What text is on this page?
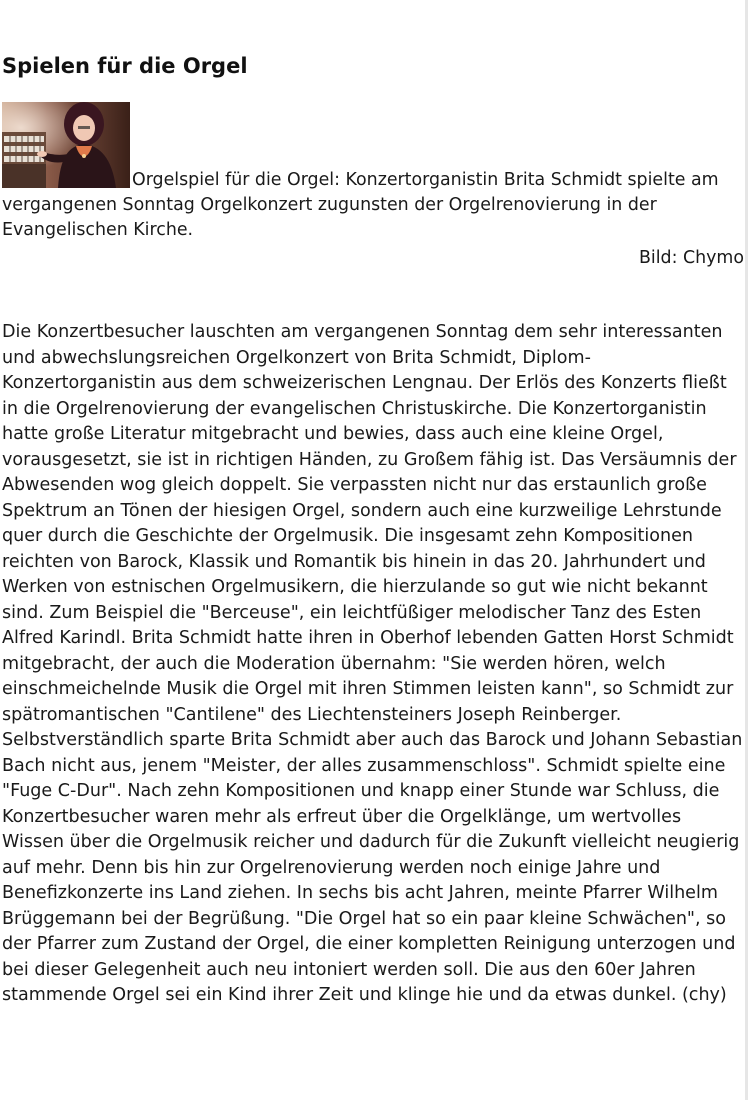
Spielen für die Orgel

Orgelspiel für die Orgel: Konzertorganistin Brita Schmidt spielte am vergangenen Sonntag Orgelkonzert zugunsten der Orgelrenovierung in der Evangelischen Kirche.

Bild: Chymo

Die Konzertbesucher lauschten am vergangenen Sonntag dem sehr interessanten und abwechslungsreichen Orgelkonzert von Brita Schmidt, Diplom-Konzertorganistin aus dem schweizerischen Lengnau. Der Erlös des Konzerts fließt in die Orgelrenovierung der evangelischen Christuskirche. Die Konzertorganistin hatte große Literatur mitgebracht und bewies, dass auch eine kleine Orgel, vorausgesetzt, sie ist in richtigen Händen, zu Großem fähig ist. Das Versäumnis der Abwesenden wog gleich doppelt. Sie verpassten nicht nur das erstaunlich große Spektrum an Tönen der hiesigen Orgel, sondern auch eine kurzweilige Lehrstunde quer durch die Geschichte der Orgelmusik. Die insgesamt zehn Kompositionen reichten von Barock, Klassik und Romantik bis hinein in das 20. Jahrhundert und Werken von estnischen Orgelmusikern, die hierzulande so gut wie nicht bekannt sind. Zum Beispiel die "Berceuse", ein leichtfüßiger melodischer Tanz des Esten Alfred Karindl. Brita Schmidt hatte ihren in Oberhof lebenden Gatten Horst Schmidt mitgebracht, der auch die Moderation übernahm: "Sie werden hören, welch einschmeichelnde Musik die Orgel mit ihren Stimmen leisten kann", so Schmidt zur spätromantischen "Cantilene" des Liechtensteiners Joseph Reinberger. Selbstverständlich sparte Brita Schmidt aber auch das Barock und Johann Sebastian Bach nicht aus, jenem "Meister, der alles zusammenschloss". Schmidt spielte eine "Fuge C-Dur". Nach zehn Kompositionen und knapp einer Stunde war Schluss, die Konzertbesucher waren mehr als erfreut über die Orgelklänge, um wertvolles Wissen über die Orgelmusik reicher und dadurch für die Zukunft vielleicht neugierig auf mehr. Denn bis hin zur Orgelrenovierung werden noch einige Jahre und Benefizkonzerte ins Land ziehen. In sechs bis acht Jahren, meinte Pfarrer Wilhelm Brüggemann bei der Begrüßung. "Die Orgel hat so ein paar kleine Schwächen", so der Pfarrer zum Zustand der Orgel, die einer kompletten Reinigung unterzogen und bei dieser Gelegenheit auch neu intoniert werden soll. Die aus den 60er Jahren stammende Orgel sei ein Kind ihrer Zeit und klinge hie und da etwas dunkel. (chy)
